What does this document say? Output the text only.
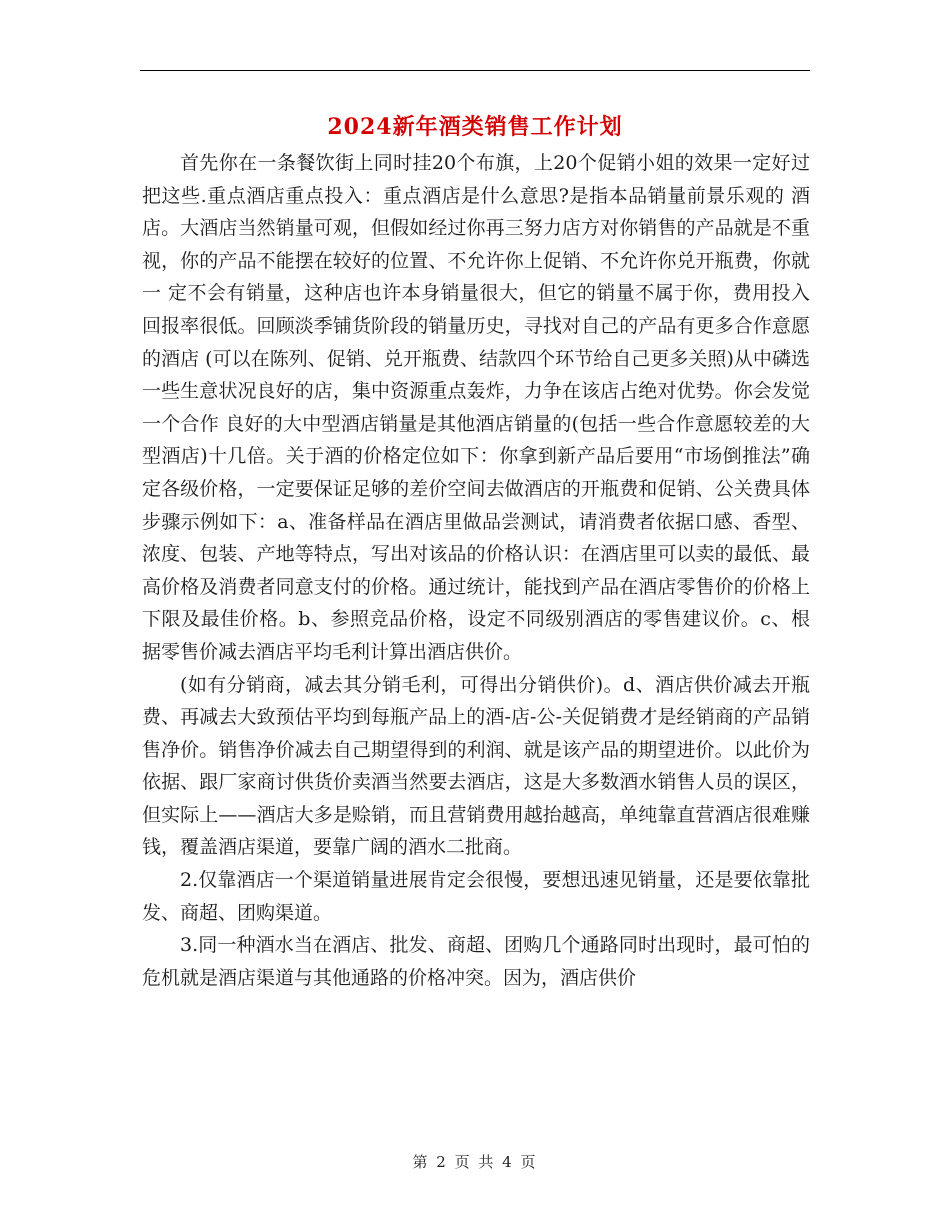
2024新年酒类销售工作计划

首先你在一条餐饮街上同时挂20个布旗，上20个促销小姐的效果一定好过把这些.重点酒店重点投入：重点酒店是什么意思?是指本品销量前景乐观的 酒店。大酒店当然销量可观，但假如经过你再三努力店方对你销售的产品就是不重视，你的产品不能摆在较好的位置、不允许你上促销、不允许你兑开瓶费，你就一 定不会有销量，这种店也许本身销量很大，但它的销量不属于你，费用投入回报率很低。回顾淡季铺货阶段的销量历史，寻找对自己的产品有更多合作意愿的酒店 (可以在陈列、促销、兑开瓶费、结款四个环节给自己更多关照)从中磷选一些生意状况良好的店，集中资源重点轰炸，力争在该店占绝对优势。你会发觉一个合作 良好的大中型酒店销量是其他酒店销量的(包括一些合作意愿较差的大型酒店)十几倍。关于酒的价格定位如下：你拿到新产品后要用“市场倒推法”确定各级价格，一定要保证足够的差价空间去做酒店的开瓶费和促销、公关费具体步骤示例如下：a、准备样品在酒店里做品尝测试，请消费者依据口感、香型、浓度、包装、产地等特点，写出对该品的价格认识：在酒店里可以卖的最低、最高价格及消费者同意支付的价格。通过统计，能找到产品在酒店零售价的价格上下限及最佳价格。b、参照竞品价格，设定不同级别酒店的零售建议价。c、根据零售价减去酒店平均毛利计算出酒店供价。

(如有分销商，减去其分销毛利，可得出分销供价)。d、酒店供价减去开瓶费、再减去大致预估平均到每瓶产品上的酒-店-公-关促销费才是经销商的产品销售净价。销售净价减去自己期望得到的利润、就是该产品的期望进价。以此价为依据、跟厂家商讨供货价卖酒当然要去酒店，这是大多数酒水销售人员的误区，但实际上——酒店大多是赊销，而且营销费用越抬越高，单纯靠直营酒店很难赚钱，覆盖酒店渠道，要靠广阔的酒水二批商。

2.仅靠酒店一个渠道销量进展肯定会很慢，要想迅速见销量，还是要依靠批发、商超、团购渠道。

3.同一种酒水当在酒店、批发、商超、团购几个通路同时出现时，最可怕的危机就是酒店渠道与其他通路的价格冲突。因为，酒店供价

第 2 页 共 4 页
